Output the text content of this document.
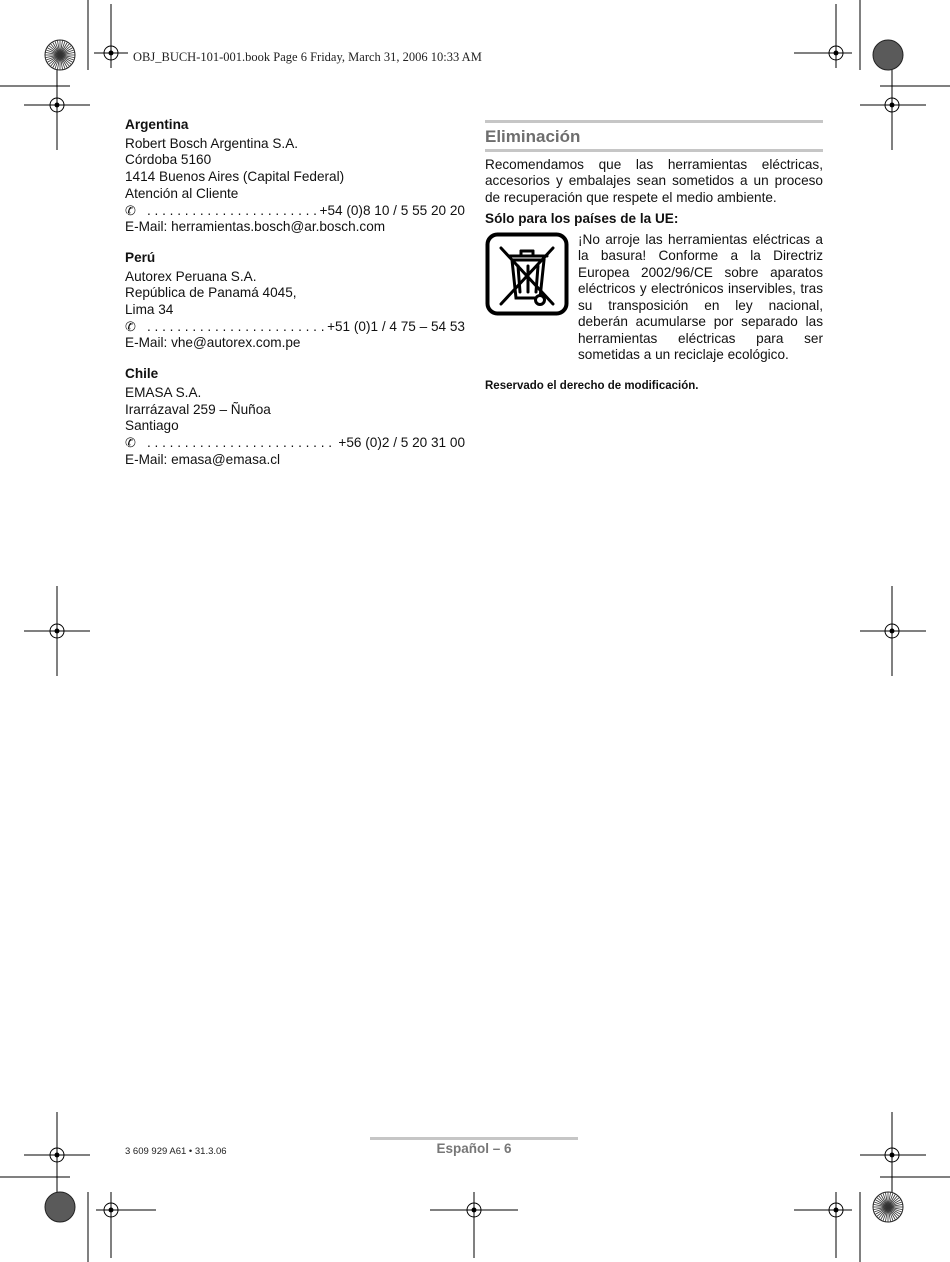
OBJ_BUCH-101-001.book Page 6 Friday, March 31, 2006 10:33 AM
Argentina
Robert Bosch Argentina S.A.
Córdoba 5160
1414 Buenos Aires (Capital Federal)
Atención al Cliente
✆ . . .	+54 (0)8 10 / 5 55 20 20
E-Mail: herramientas.bosch@ar.bosch.com
Perú
Autorex Peruana S.A.
República de Panamá 4045,
Lima 34
✆ . . .	+51 (0)1 / 4 75 – 54 53
E-Mail: vhe@autorex.com.pe
Chile
EMASA S.A.
Irarrázaval 259 – Ñuñoa
Santiago
✆ . . .	+56 (0)2 / 5 20 31 00
E-Mail: emasa@emasa.cl
Eliminación
Recomendamos que las herramientas eléctricas, accesorios y embalajes sean sometidos a un proceso de recuperación que respete el medio ambiente.
Sólo para los países de la UE:
¡No arroje las herramientas eléctricas a la basura! Conforme a la Directriz Europea 2002/96/CE sobre aparatos eléctricos y electrónicos inservibles, tras su transposición en ley nacional, deberán acumularse por separado las herramientas eléctricas para ser sometidas a un reciclaje ecológico.
Reservado el derecho de modificación.
3 609 929 A61 • 31.3.06	Español – 6
